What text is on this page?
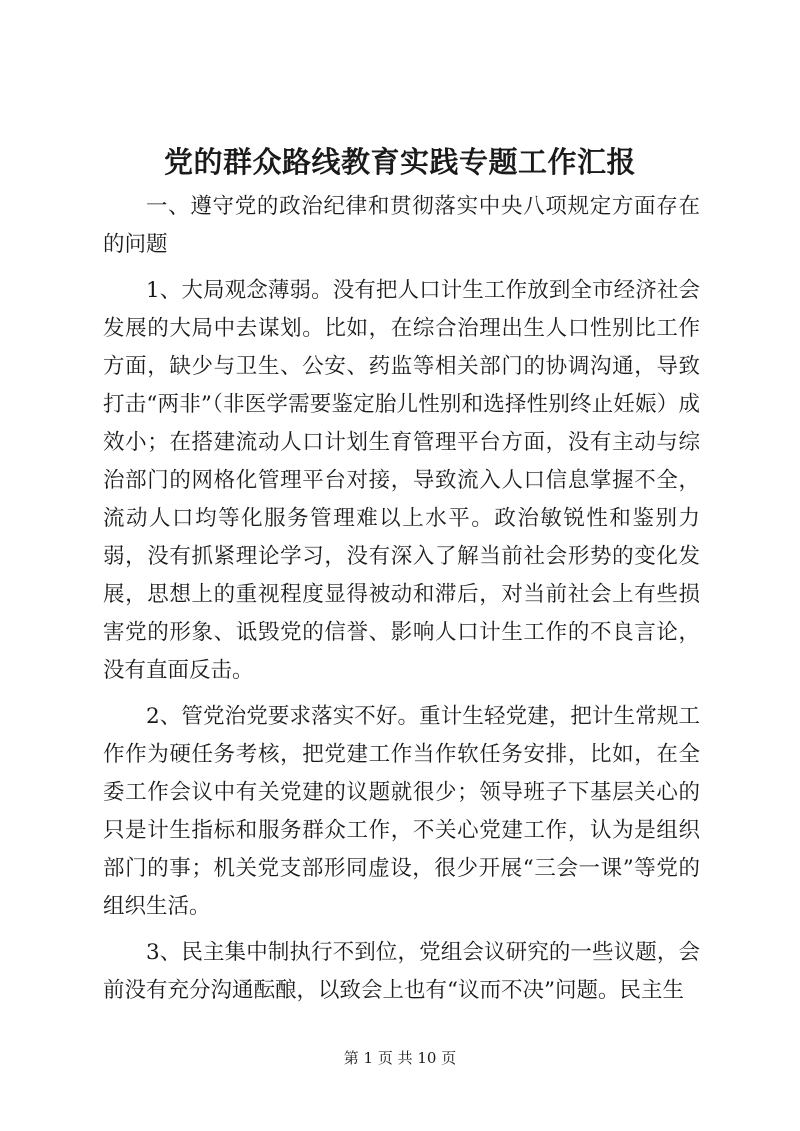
党的群众路线教育实践专题工作汇报

一、遵守党的政治纪律和贯彻落实中央八项规定方面存在的问题

1、大局观念薄弱。没有把人口计生工作放到全市经济社会发展的大局中去谋划。比如，在综合治理出生人口性别比工作方面，缺少与卫生、公安、药监等相关部门的协调沟通，导致打击“两非”（非医学需要鉴定胎儿性别和选择性别终止妊娠）成效小；在搭建流动人口计划生育管理平台方面，没有主动与综治部门的网格化管理平台对接，导致流入人口信息掌握不全，流动人口均等化服务管理难以上水平。政治敏锐性和鉴别力弱，没有抓紧理论学习，没有深入了解当前社会形势的变化发展，思想上的重视程度显得被动和滞后，对当前社会上有些损害党的形象、诋毁党的信誉、影响人口计生工作的不良言论，没有直面反击。

2、管党治党要求落实不好。重计生轻党建，把计生常规工作作为硬任务考核，把党建工作当作软任务安排，比如，在全委工作会议中有关党建的议题就很少；领导班子下基层关心的只是计生指标和服务群众工作，不关心党建工作，认为是组织部门的事；机关党支部形同虚设，很少开展“三会一课”等党的组织生活。

3、民主集中制执行不到位，党组会议研究的一些议题，会前没有充分沟通酝酿，以致会上也有“议而不决”问题。民主生

第 1 页 共 10 页
